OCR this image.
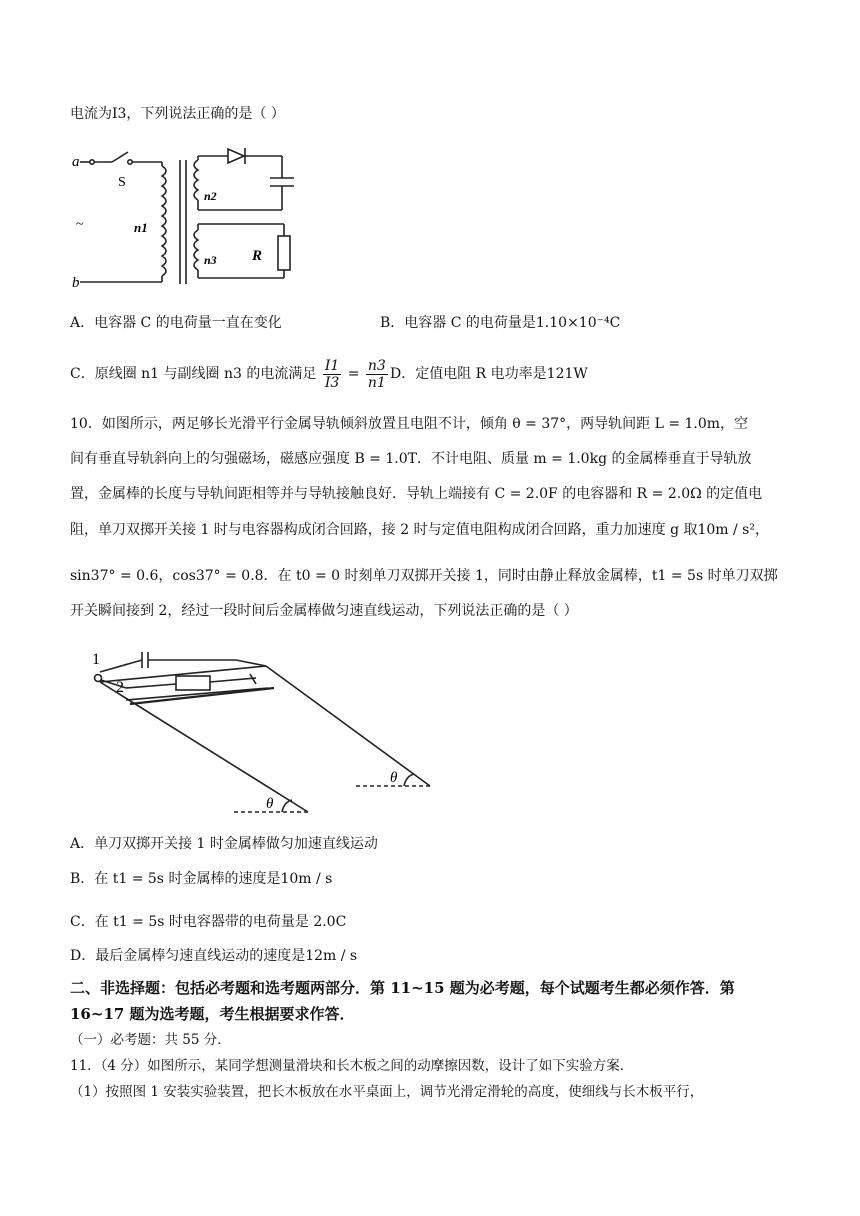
电流为I3，下列说法正确的是（ ）
a
b
S
~	n1
n2
n3 R
A．电容器 C 的电荷量一直在变化	B．电容器 C 的电荷量是1.10×10⁻⁴C
C．原线圈 n1 与副线圈 n3 的电流满足 $\frac{I1}{I3} = \frac{n3}{n1}$ D．定值电阻 R 电功率是121W
10．如图所示，两足够长光滑平行金属导轨倾斜放置且电阻不计，倾角 θ = 37°，两导轨间距 L = 1.0m，空
间有垂直导轨斜向上的匀强磁场，磁感应强度 B = 1.0T．不计电阻、质量 m = 1.0kg 的金属棒垂直于导轨放
置，金属棒的长度与导轨间距相等并与导轨接触良好．导轨上端接有 C = 2.0F 的电容器和 R = 2.0Ω 的定值电
阻，单刀双掷开关接 1 时与电容器构成闭合回路，接 2 时与定值电阻构成闭合回路，重力加速度 g 取10m / s²，
sin37° = 0.6，cos37° = 0.8．在 t0 = 0 时刻单刀双掷开关接 1，同时由静止释放金属棒，t1 = 5s 时单刀双掷
开关瞬间接到 2，经过一段时间后金属棒做匀速直线运动，下列说法正确的是（ ）
1
2
θ
θ
A．单刀双掷开关接 1 时金属棒做匀加速直线运动
B．在 t1 = 5s 时金属棒的速度是10m / s
C．在 t1 = 5s 时电容器带的电荷量是 2.0C
D．最后金属棒匀速直线运动的速度是12m / s
二、非选择题：包括必考题和选考题两部分．第 11~15 题为必考题，每个试题考生都必须作答．第
16~17 题为选考题，考生根据要求作答．
（一）必考题：共 55 分．
11．（4 分）如图所示，某同学想测量滑块和长木板之间的动摩擦因数，设计了如下实验方案．
（1）按照图 1 安装实验装置，把长木板放在水平桌面上，调节光滑定滑轮的高度，使细线与长木板平行，
